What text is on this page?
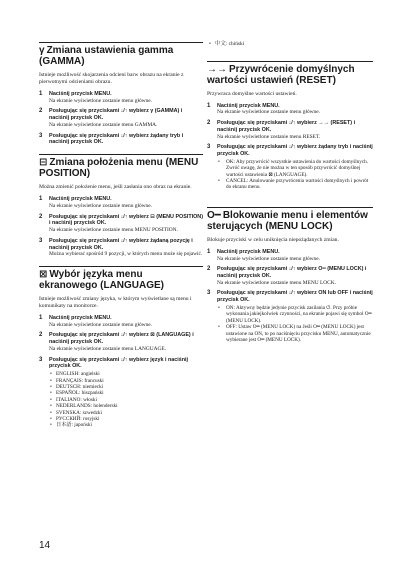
γ Zmiana ustawienia gamma (GAMMA)
Istnieje możliwość skojarzenia odcieni barw obrazu na ekranie z pierwotnymi odcieniami obrazu.
1 Naciśnij przycisk MENU.
Na ekranie wyświetlone zostanie menu główne.
2 Posługując się przyciskami ↓/↑ wybierz γ (GAMMA) i naciśnij przycisk OK.
Na ekranie wyświetlone zostanie menu GAMMA.
3 Posługując się przyciskami ↓/↑ wybierz żądany tryb i naciśnij przycisk OK.
⊟ Zmiana położenia menu (MENU POSITION)
Można zmienić położenie menu, jeśli zasłania ono obraz na ekranie.
1 Naciśnij przycisk MENU.
Na ekranie wyświetlone zostanie menu główne.
2 Posługując się przyciskami ↓/↑ wybierz ⊟ (MENU POSITION) i naciśnij przycisk OK.
Na ekranie wyświetlone zostanie menu MENU POSITION.
3 Posługując się przyciskami ↓/↑ wybierz żądaną pozycję i naciśnij przycisk OK.
Można wybierać spośród 9 pozycji, w których menu może się pojawić.
⊠ Wybór języka menu ekranowego (LANGUAGE)
Istnieje możliwość zmiany języka, w którym wyświetlane są menu i komunikaty na monitorze.
1 Naciśnij przycisk MENU.
Na ekranie wyświetlone zostanie menu główne.
2 Posługując się przyciskami ↓/↑ wybierz ⊠ (LANGUAGE) i naciśnij przycisk OK.
Na ekranie wyświetlone zostanie menu LANGUAGE.
3 Posługując się przyciskami ↓/↑ wybierz język i naciśnij przycisk OK.
• ENGLISH: angielski
• FRANÇAIS: francuski
• DEUTSCH: niemiecki
• ESPAÑOL: hiszpański
• ITALIANO: włoski
• NEDERLANDS: holenderski
• SVENSKA: szwedzki
• РУССКИЙ: rosyjski
• 日本語: japoński
• 中文: chiński
→→ Przywrócenie domyślnych wartości ustawień (RESET)
Przywraca domyślne wartości ustawień.
1 Naciśnij przycisk MENU.
Na ekranie wyświetlone zostanie menu główne.
2 Posługując się przyciskami ↓/↑ wybierz →→ (RESET) i naciśnij przycisk OK.
Na ekranie wyświetlone zostanie menu RESET.
3 Posługując się przyciskami ↓/↑ wybierz żądany tryb i naciśnij przycisk OK.
• OK: Aby przywrócić wszystkie ustawienia do wartości domyślnych. Zwróć uwagę, że nie można w ten sposób przywrócić domyślnej wartości ustawienia ⊠ (LANGUAGE).
• CANCEL: Anulowanie przywrócenia wartości domyślnych i powrót do ekranu menu.
O━ Blokowanie menu i elementów sterujących (MENU LOCK)
Blokuje przyciski w celu uniknięcia niepożądanych zmian.
1 Naciśnij przycisk MENU.
Na ekranie wyświetlone zostanie menu główne.
2 Posługując się przyciskami ↓/↑ wybierz O━ (MENU LOCK) i naciśnij przycisk OK.
Na ekranie wyświetlone zostanie menu MENU LOCK.
3 Posługując się przyciskami ↓/↑ wybierz ON lub OFF i naciśnij przycisk OK.
• ON: Aktywny będzie jedynie przycisk zasilania ⏻. Przy próbie wykonania jakiejkolwiek czynności, na ekranie pojawi się symbol O━ (MENU LOCK).
• OFF: Ustaw O━ (MENU LOCK) na Jeśli O━ (MENU LOCK) jest ustawione na ON, to po naciśnięciu przycisku MENU, automatycznie wybierane jest O━ (MENU LOCK).
14
